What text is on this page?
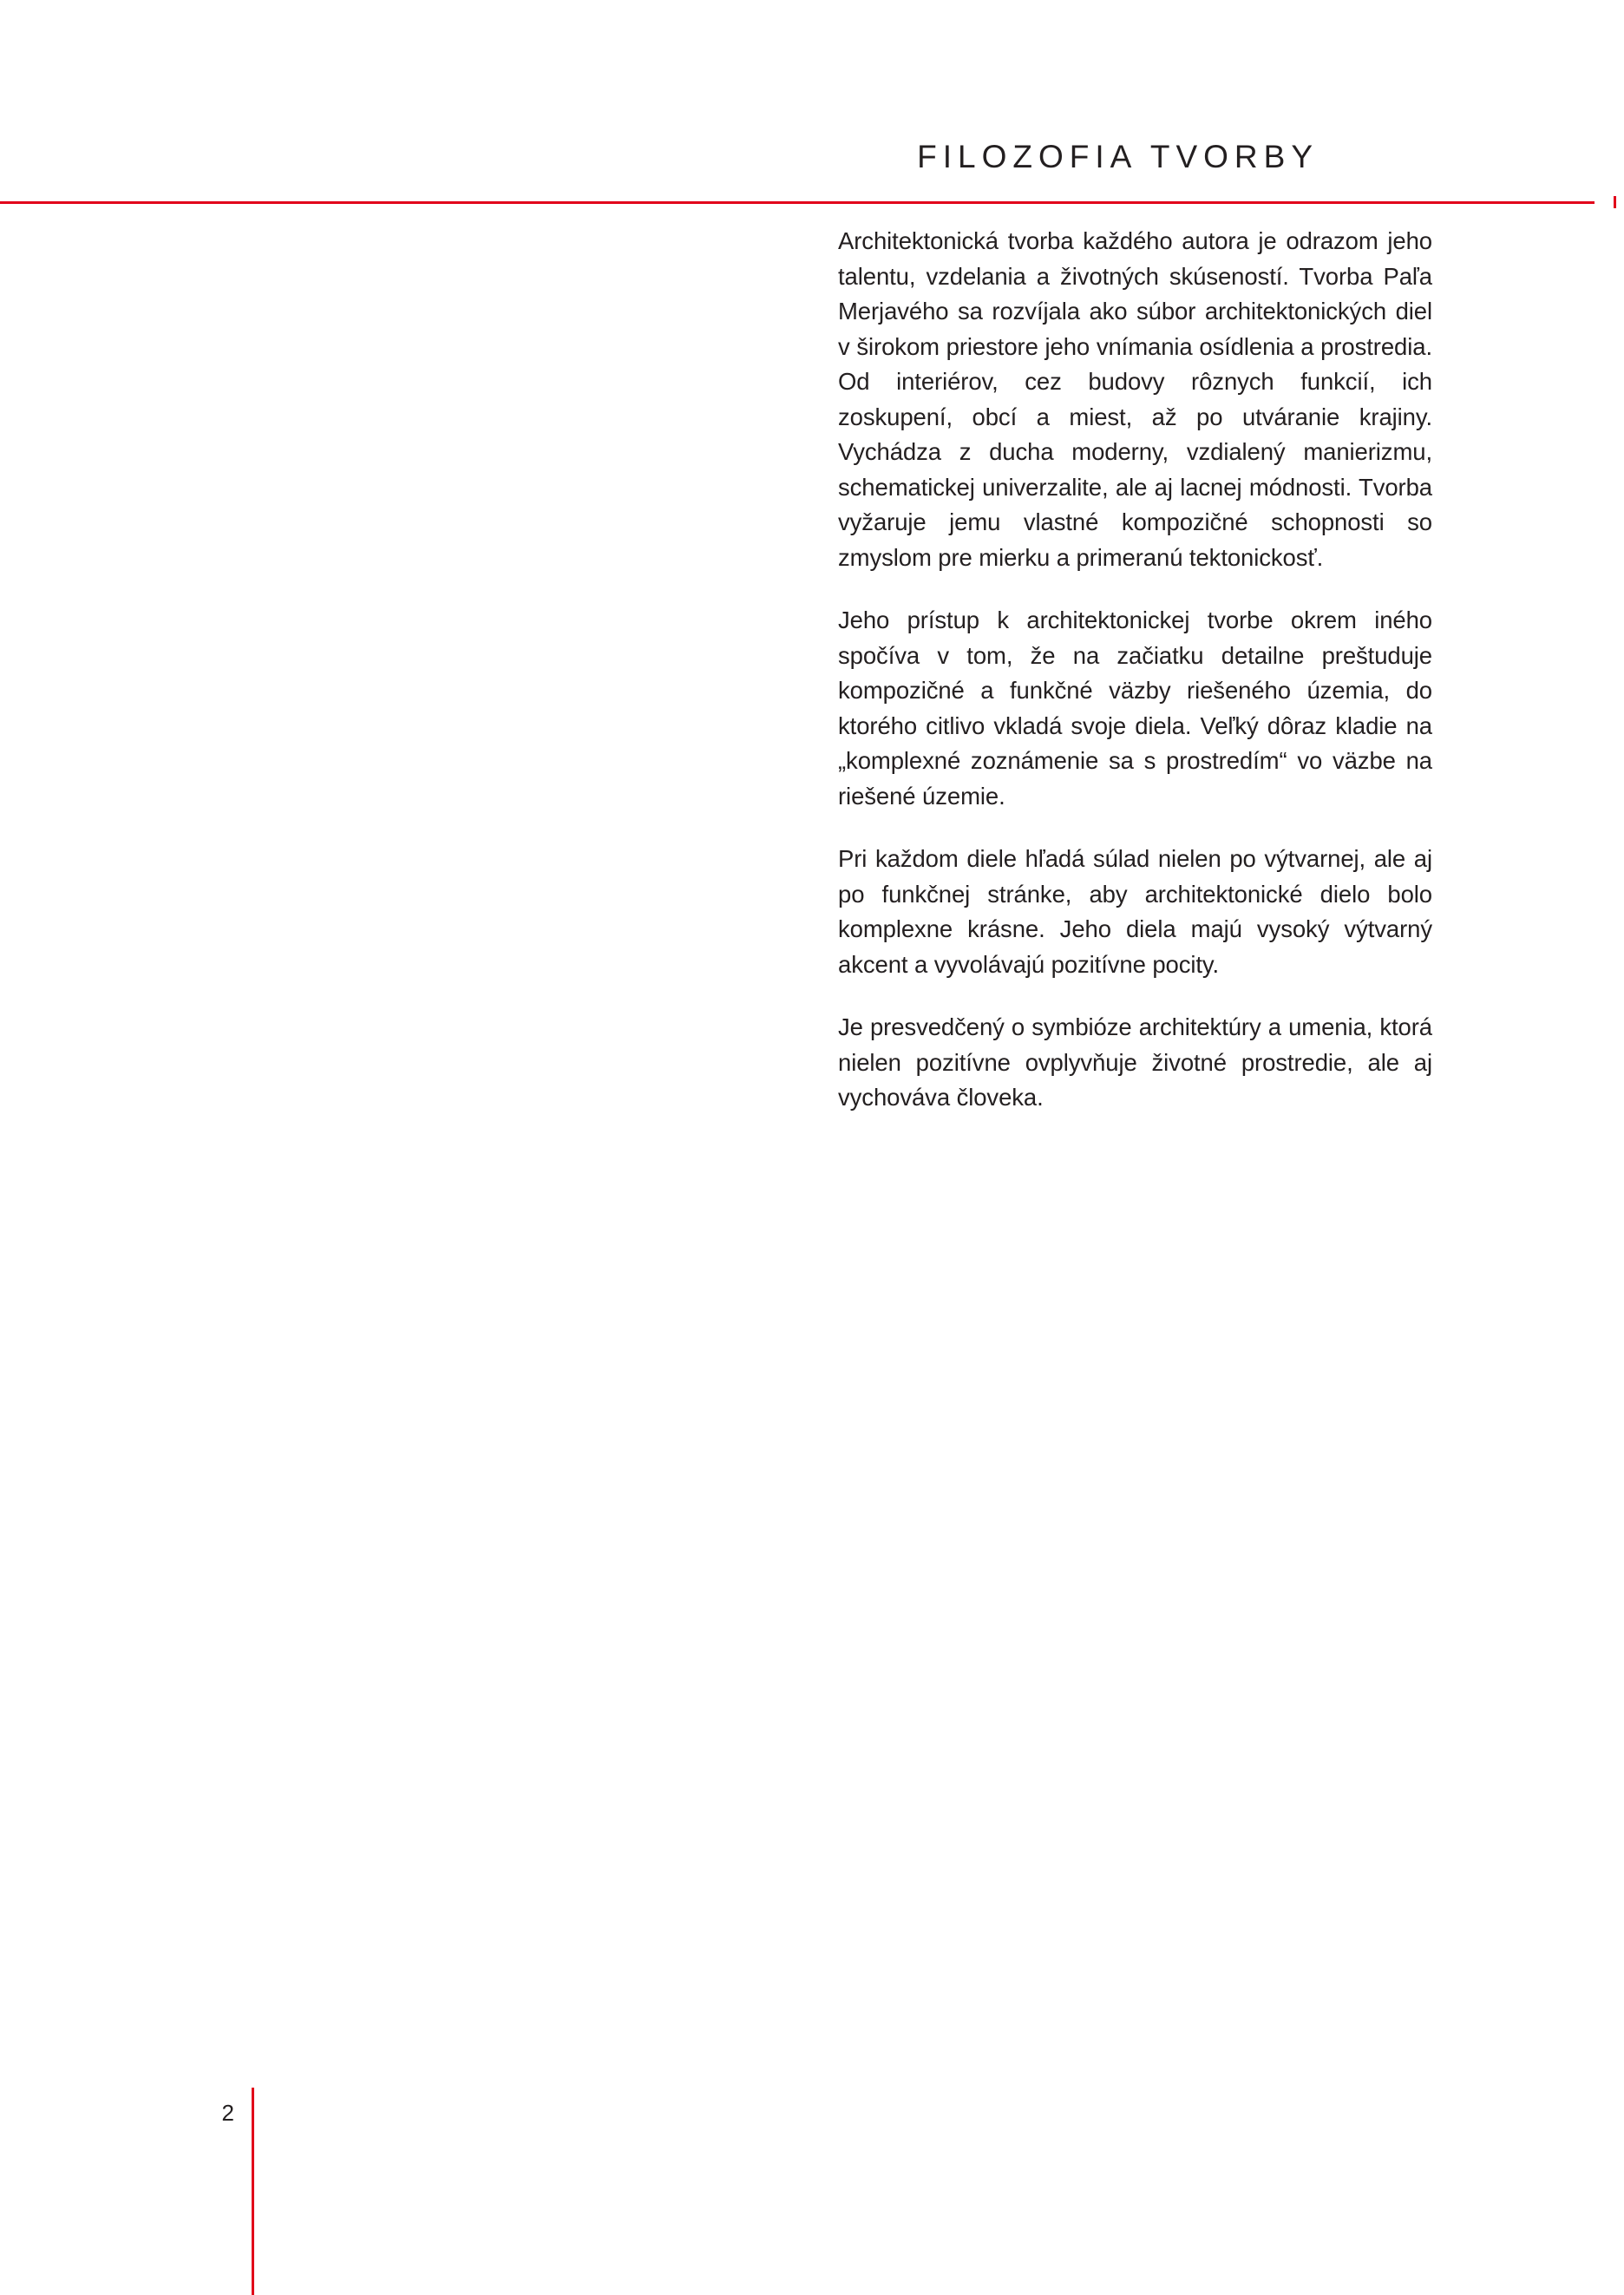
FILOZOFIA TVORBY

Architektonická tvorba každého autora je odrazom jeho talentu, vzdelania a životných skúseností. Tvorba Paľa Merjavého sa rozvíjala ako súbor architektonických diel v širokom priestore jeho vnímania osídlenia a prostredia. Od interiérov, cez budovy rôznych funkcií, ich zoskupení, obcí a miest, až po utváranie krajiny. Vychádza z ducha moderny, vzdialený manierizmu, schematickej univerzalite, ale aj lacnej módnosti. Tvorba vyžaruje jemu vlastné kompozičné schopnosti so zmyslom pre mierku a primeranú tektonickosť.

Jeho prístup k architektonickej tvorbe okrem iného spočíva v tom, že na začiatku detailne preštuduje kompozičné a funkčné väzby riešeného územia, do ktorého citlivo vkladá svoje diela. Veľký dôraz kladie na „komplexné zoznámenie sa s prostredím“ vo väzbe na riešené územie.

Pri každom diele hľadá súlad nielen po výtvarnej, ale aj po funkčnej stránke, aby architektonické dielo bolo komplexne krásne. Jeho diela majú vysoký výtvarný akcent a vyvolávajú pozitívne pocity.

Je presvedčený o symbióze architektúry a umenia, ktorá nielen pozitívne ovplyvňuje životné prostredie, ale aj vychováva človeka.

2
